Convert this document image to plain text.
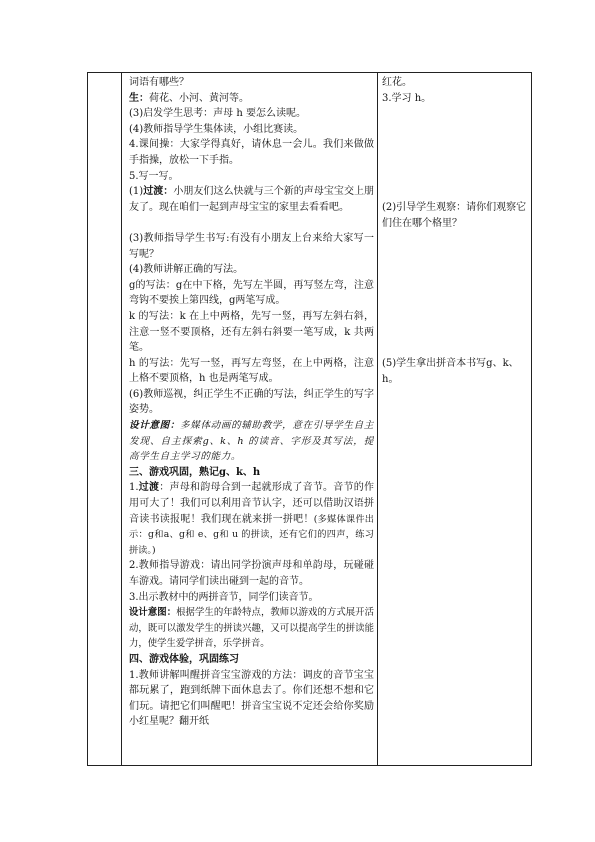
词语有哪些？

生：荷花、小河、黄河等。

(3)启发学生思考：声母 h 要怎么读呢。

(4)教师指导学生集体读，小组比赛读。

4.课间操：大家学得真好，请休息一会儿。我们来做做手指操，放松一下手指。

5.写一写。

(1)过渡：小朋友们这么快就与三个新的声母宝宝交上朋友了。现在咱们一起到声母宝宝的家里去看看吧。

(3)教师指导学生书写:有没有小朋友上台来给大家写一写呢？

(4)教师讲解正确的写法。

g的写法：g在中下格，先写左半圆，再写竖左弯，注意弯钩不要挨上第四线，g两笔写成。

k 的写法：k 在上中两格，先写一竖，再写左斜右斜，注意一竖不要顶格，还有左斜右斜要一笔写成，k 共两笔。

h 的写法：先写一竖，再写左弯竖，在上中两格，注意上格不要顶格，h 也是两笔写成。

(6)教师巡视，纠正学生不正确的写法，纠正学生的写字姿势。

设计意图：多媒体动画的辅助教学，意在引导学生自主发现、自主探索g、k、h 的读音、字形及其写法，提高学生自主学习的能力。

三、游戏巩固，熟记g、k、h

1.过渡：声母和韵母合到一起就形成了音节。音节的作用可大了！我们可以利用音节认字，还可以借助汉语拼音读书读报呢！我们现在就来拼一拼吧！(多媒体课件出示：g和a、g和 e、g和 u 的拼读，还有它们的四声，练习拼读。)

2.教师指导游戏：请出同学扮演声母和单韵母，玩碰碰车游戏。请同学们读出碰到一起的音节。

3.出示教材中的两拼音节，同学们读音节。

设计意图：根据学生的年龄特点，教师以游戏的方式展开活动，既可以激发学生的拼读兴趣，又可以提高学生的拼读能力，使学生爱学拼音，乐学拼音。

四、游戏体验，巩固练习

1.教师讲解叫醒拼音宝宝游戏的方法：调皮的音节宝宝都玩累了，跑到纸牌下面休息去了。你们还想不想和它们玩。请把它们叫醒吧！拼音宝宝说不定还会给你奖励小红星呢？翻开纸

红花。

3.学习 h。

(2)引导学生观察：请你们观察它们住在哪个格里？

(5)学生拿出拼音本书写g、k、h。
